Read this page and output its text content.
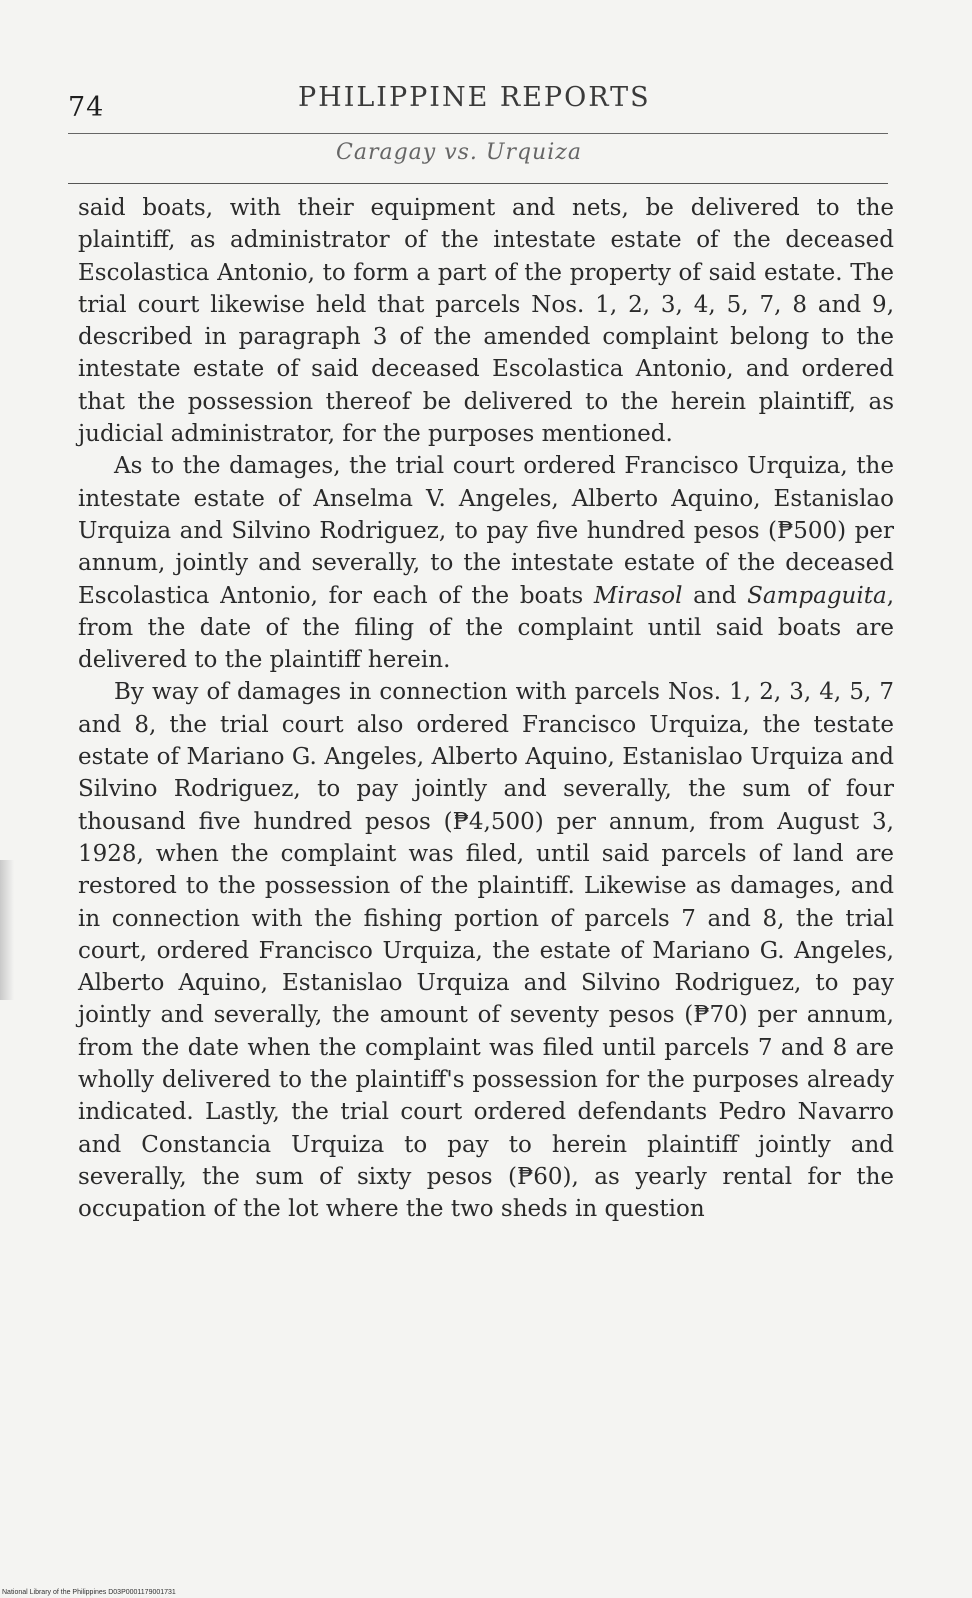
74	PHILIPPINE REPORTS
Caragay vs. Urquiza

said boats, with their equipment and nets, be delivered to the plaintiff, as administrator of the intestate estate of the deceased Escolastica Antonio, to form a part of the property of said estate. The trial court likewise held that parcels Nos. 1, 2, 3, 4, 5, 7, 8 and 9, described in paragraph 3 of the amended complaint belong to the intestate estate of said deceased Escolastica Antonio, and ordered that the possession thereof be delivered to the herein plaintiff, as judicial administrator, for the purposes mentioned.

As to the damages, the trial court ordered Francisco Urquiza, the intestate estate of Anselma V. Angeles, Alberto Aquino, Estanislao Urquiza and Silvino Rodriguez, to pay five hundred pesos (₱500) per annum, jointly and severally, to the intestate estate of the deceased Escolastica Antonio, for each of the boats Mirasol and Sampaguita, from the date of the filing of the complaint until said boats are delivered to the plaintiff herein.

By way of damages in connection with parcels Nos. 1, 2, 3, 4, 5, 7 and 8, the trial court also ordered Francisco Urquiza, the testate estate of Mariano G. Angeles, Alberto Aquino, Estanislao Urquiza and Silvino Rodriguez, to pay jointly and severally, the sum of four thousand five hundred pesos (₱4,500) per annum, from August 3, 1928, when the complaint was filed, until said parcels of land are restored to the possession of the plaintiff. Likewise as damages, and in connection with the fishing portion of parcels 7 and 8, the trial court, ordered Francisco Urquiza, the estate of Mariano G. Angeles, Alberto Aquino, Estanislao Urquiza and Silvino Rodriguez, to pay jointly and severally, the amount of seventy pesos (₱70) per annum, from the date when the complaint was filed until parcels 7 and 8 are wholly delivered to the plaintiff's possession for the purposes already indicated. Lastly, the trial court ordered defendants Pedro Navarro and Constancia Urquiza to pay to herein plaintiff jointly and severally, the sum of sixty pesos (₱60), as yearly rental for the occupation of the lot where the two sheds in question

National Library of the Philippines D03P0001179001731
